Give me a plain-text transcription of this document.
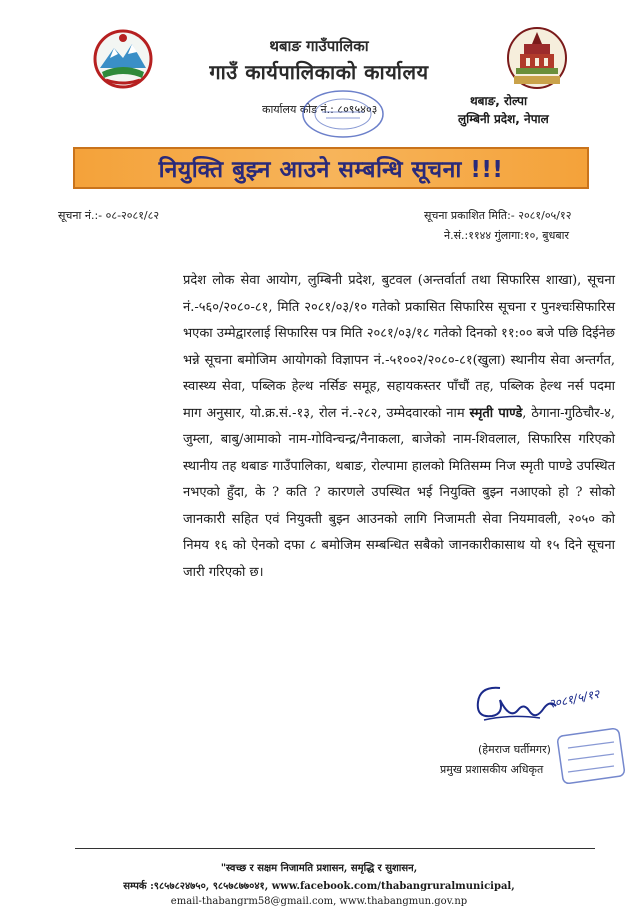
थबाङ गाउँपालिका
गाउँ कार्यपालिकाको कार्यालय
कार्यालय कोड नं.: ८०९५४०३
थबाङ, रोल्पा
लुम्बिनी प्रदेश, नेपाल
नियुक्ति बुझ्न आउने सम्बन्धि सूचना !!!
सूचना नं.:- ०८-२०८१/८२	सूचना प्रकाशित मिति:- २०८१/०५/१२
ने.सं.:११४४ गुंलागा:१०, बुधबार

प्रदेश लोक सेवा आयोग, लुम्बिनी प्रदेश, बुटवल (अन्तर्वार्ता तथा सिफारिस शाखा), सूचना नं.-५६०/२०८०-८१, मिति २०८१/०३/१० गतेको प्रकासित सिफारिस सूचना र पुनश्चःसिफारिस भएका उम्मेद्वारलाई सिफारिस पत्र मिति २०८१/०३/१८ गतेको दिनको ११:०० बजे पछि दिईनेछ भन्ने सूचना बमोजिम आयोगको विज्ञापन नं.-५१००२/२०८०-८१(खुला) स्थानीय सेवा अन्तर्गत, स्वास्थ्य सेवा, पब्लिक हेल्थ नर्सिङ समूह, सहायकस्तर पाँचौं तह, पब्लिक हेल्थ नर्स पदमा माग अनुसार, यो.क्र.सं.-१३, रोल नं.-२८२, उम्मेदवारको नाम स्मृती पाण्डे, ठेगाना-गुठिचौर-४, जुम्ला, बाबु/आमाको नाम-गोविन्चन्द्र/नैनाकला, बाजेको नाम-शिवलाल, सिफारिस गरिएको स्थानीय तह थबाङ गाउँपालिका, थबाङ, रोल्पामा हालको मितिसम्म निज स्मृती पाण्डे उपस्थित नभएको हुँदा, के ? कति ? कारणले उपस्थित भई नियुक्ति बुझ्न नआएको हो ? सोको जानकारी सहित एवं नियुक्ती बुझ्न आउनको लागि निजामती सेवा नियमावली, २०५० को निमय १६ को ऐनको दफा ८ बमोजिम सम्बन्धित सबैको जानकारीकासाथ यो १५ दिने सूचना जारी गरिएको छ।

२०८१/५/१२
(हेमराज घर्तीमगर)
प्रमुख प्रशासकीय अधिकृत
"स्वच्छ र सक्षम निजामति प्रशासन, समृद्धि र सुशासन,
सम्पर्क :९८५७८२४७५०, ९८५७८७७०४१, www.facebook.com/thabangruralmunicipal,
email-thabangrm58@gmail.com, www.thabangmun.gov.np
